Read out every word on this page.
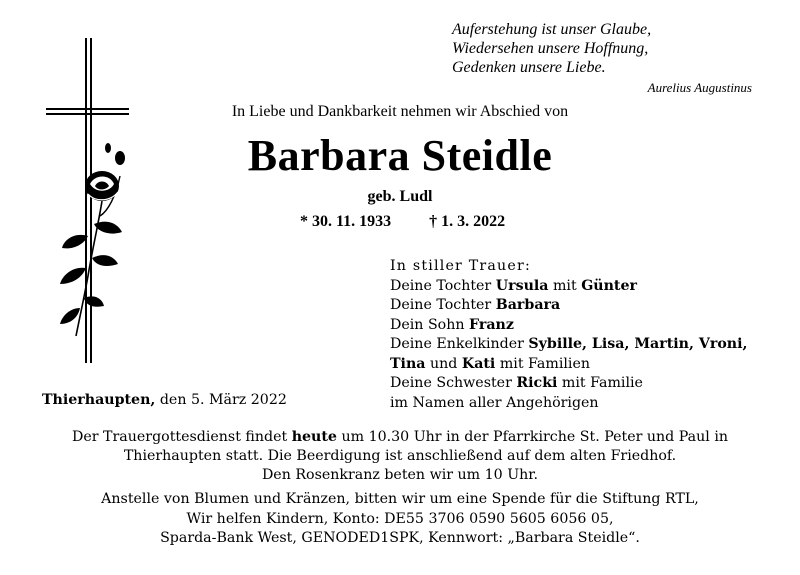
Auferstehung ist unser Glaube,
Wiedersehen unsere Hoffnung,
Gedenken unsere Liebe.
Aurelius Augustinus
In Liebe und Dankbarkeit nehmen wir Abschied von
Barbara Steidle
geb. Ludl
* 30. 11. 1933 † 1. 3. 2022
In stiller Trauer:
Deine Tochter Ursula mit Günter
Deine Tochter Barbara
Dein Sohn Franz
Deine Enkelkinder Sybille, Lisa, Martin, Vroni,
Tina und Kati mit Familien
Deine Schwester Ricki mit Familie
im Namen aller Angehörigen
Thierhaupten, den 5. März 2022
Der Trauergottesdienst findet heute um 10.30 Uhr in der Pfarrkirche St. Peter und Paul in
Thierhaupten statt. Die Beerdigung ist anschließend auf dem alten Friedhof.
Den Rosenkranz beten wir um 10 Uhr.
Anstelle von Blumen und Kränzen, bitten wir um eine Spende für die Stiftung RTL,
Wir helfen Kindern, Konto: DE55 3706 0590 5605 6056 05,
Sparda-Bank West, GENODED1SPK, Kennwort: „Barbara Steidle“.
